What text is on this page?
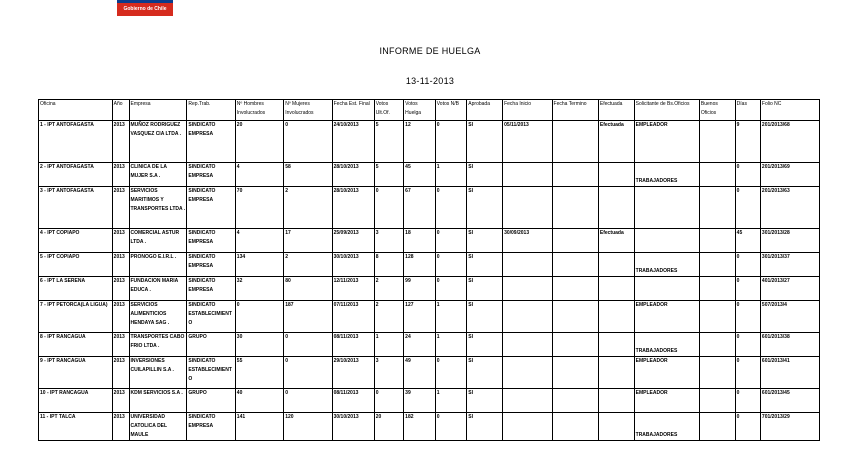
Gobierno de Chile
INFORME DE HUELGA
13-11-2013
Oficina	Año	Empresa	Rep.Trab.	Nº Hombres Involucrados	Nº Mujeres Involucrados	Fecha Est. Final	Votos Ult.Of.	Votos Huelga	Votos N/B	Aprobada	Fecha Inicio	Fecha Termino	Efectuada	Solicitante de Bs.Oficios	Buenos Oficios	Días	Folio NC
1 - IPT ANTOFAGASTA	2013	MUÑOZ RODRIGUEZ VASQUEZ CIA LTDA .	SINDICATO EMPRESA	20	0	24/10/2013	5	12	0	SI	05/11/2013		Efectuada	EMPLEADOR		9	201/2013/68
2 - IPT ANTOFAGASTA	2013	CLINICA DE LA MUJER S.A .	SINDICATO EMPRESA	4	58	28/10/2013	5	45	1	SI				TRABAJADORES		0	201/2013/69
3 - IPT ANTOFAGASTA	2013	SERVICIOS MARITIMOS Y TRANSPORTES LTDA .	SINDICATO EMPRESA	70	2	28/10/2013	0	67	0	SI						0	201/2013/63
4 - IPT COPIAPO	2013	COMERCIAL ASTUR LTDA .	SINDICATO EMPRESA	4	17	25/09/2013	3	18	0	SI	30/09/2013		Efectuada			45	301/2013/28
5 - IPT COPIAPO	2013	PRONOGO E.I.R.L .	SINDICATO EMPRESA	134	2	30/10/2013	8	128	0	SI				TRABAJADORES		0	301/2013/37
6 - IPT LA SERENA	2013	FUNDACION MARIA EDUCA .	SINDICATO EMPRESA	32	80	12/11/2013	2	99	0	SI						0	401/2013/27
7 - IPT PETORCA(LA LIGUA)	2013	SERVICIOS ALIMENTICIOS HENDAYA SAG .	SINDICATO ESTABLECIMIENTO	0	187	07/11/2013	2	127	1	SI				EMPLEADOR		0	507/2013/4
8 - IPT RANCAGUA	2013	TRANSPORTES CABO FRIO LTDA .	GRUPO	30	0	08/11/2013	1	24	1	SI				TRABAJADORES		0	601/2013/38
9 - IPT RANCAGUA	2013	INVERSIONES CUILAPILLIN S.A .	SINDICATO ESTABLECIMIENTO	55	0	29/10/2013	3	49	0	SI				EMPLEADOR		0	601/2013/41
10 - IPT RANCAGUA	2013	KDM SERVICIOS S.A .	GRUPO	40	0	08/11/2013	0	39	1	SI				EMPLEADOR		0	601/2013/45
11 - IPT TALCA	2013	UNIVERSIDAD CATOLICA DEL MAULE	SINDICATO EMPRESA	141	120	30/10/2013	20	182	0	SI				TRABAJADORES		0	701/2013/29
